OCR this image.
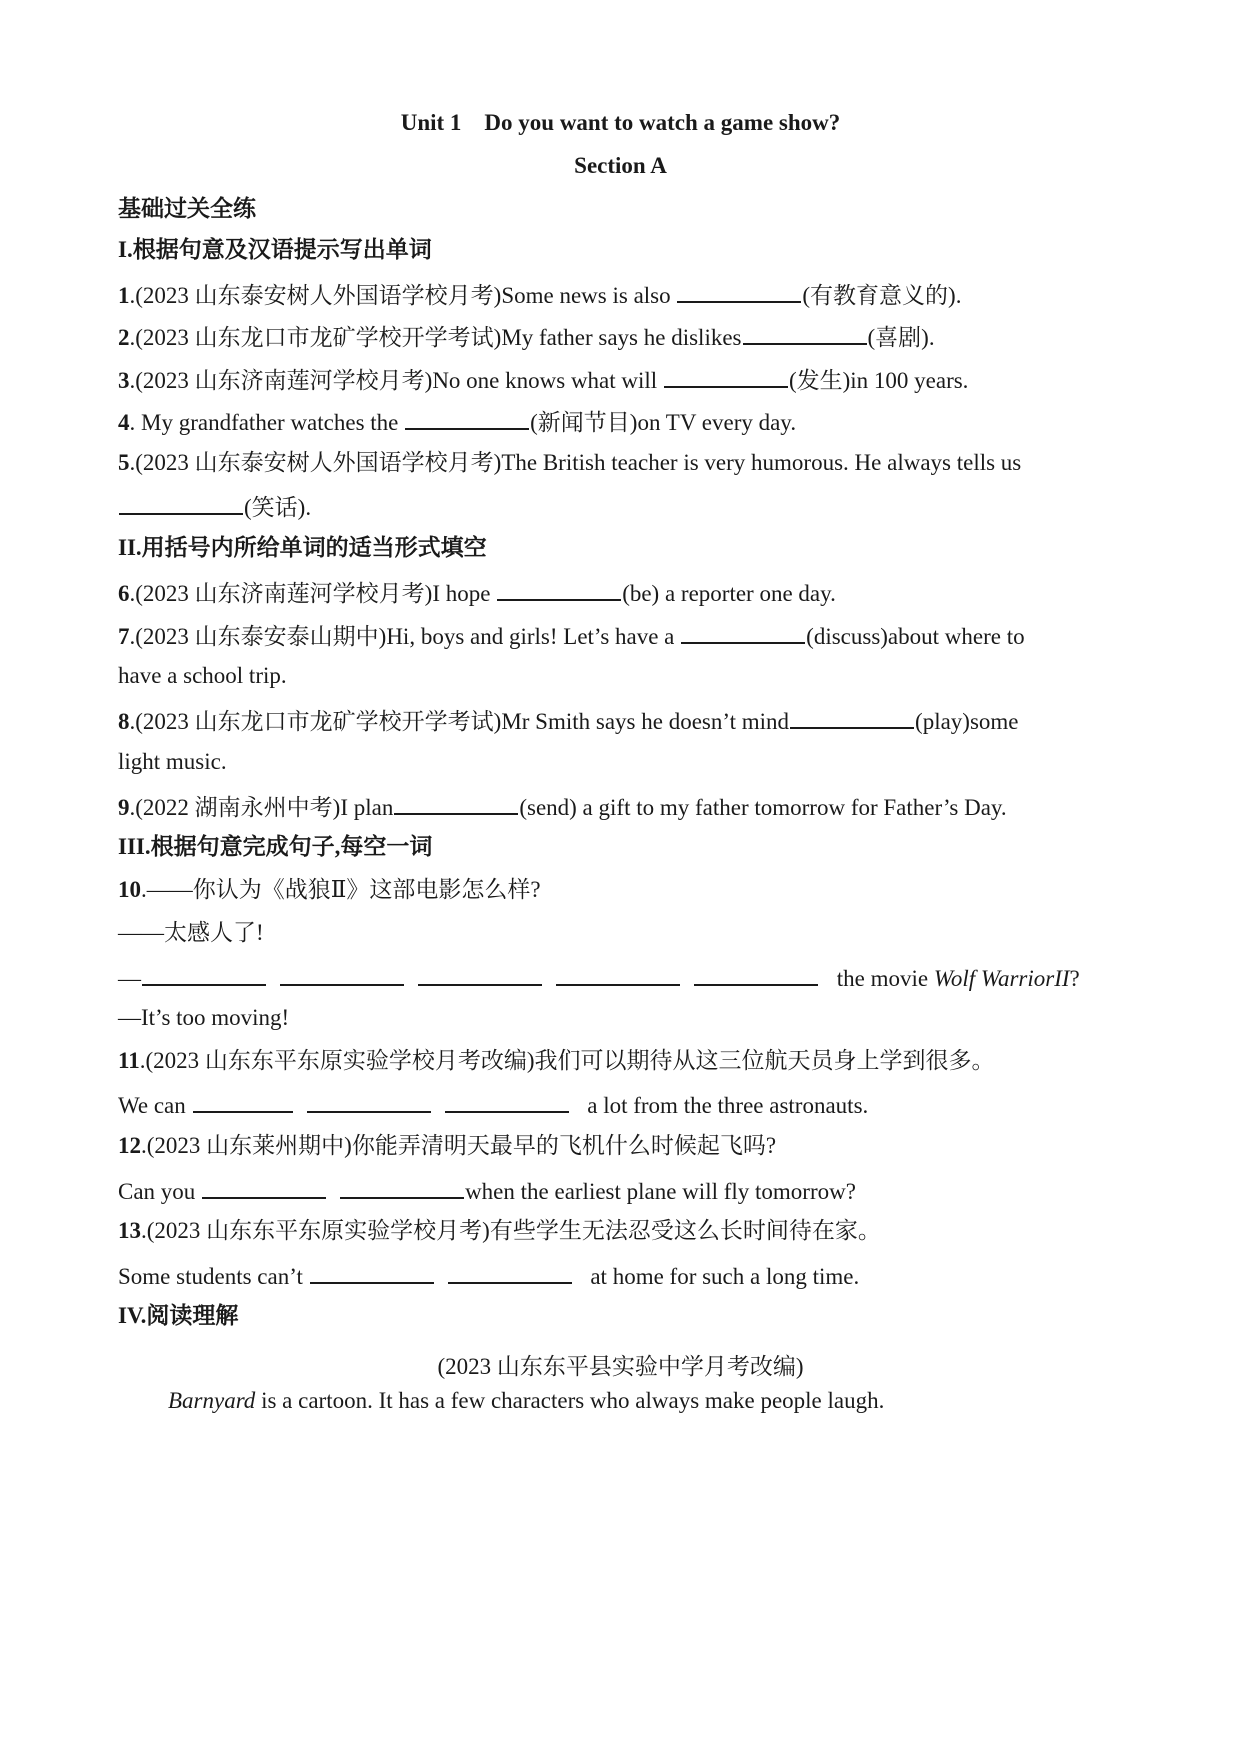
Unit 1    Do you want to watch a game show?
Section A
基础过关全练
I.根据句意及汉语提示写出单词
1.(2023 山东泰安树人外国语学校月考)Some news is also	(有教育意义的).
2.(2023 山东龙口市龙矿学校开学考试)My father says he dislikes	(喜剧).
3.(2023 山东济南莲河学校月考)No one knows what will	(发生)in 100 years.
4. My grandfather watches the	(新闻节目)on TV every day.
5.(2023 山东泰安树人外国语学校月考)The British teacher is very humorous. He always tells us
(笑话).
II.用括号内所给单词的适当形式填空
6.(2023 山东济南莲河学校月考)I hope	(be) a reporter one day.
7.(2023 山东泰安泰山期中)Hi, boys and girls! Let’s have a	(discuss)about where to
have a school trip.
8.(2023 山东龙口市龙矿学校开学考试)Mr Smith says he doesn’t mind	(play)some
light music.
9.(2022 湖南永州中考)I plan	(send) a gift to my father tomorrow for Father’s Day.
III.根据句意完成句子,每空一词
10.——你认为《战狼Ⅱ》这部电影怎么样?
——太感人了!
—	the movie Wolf WarriorII?
—It’s too moving!
11.(2023 山东东平东原实验学校月考改编)我们可以期待从这三位航天员身上学到很多。
We can	a lot from the three astronauts.
12.(2023 山东莱州期中)你能弄清明天最早的飞机什么时候起飞吗?
Can you	when the earliest plane will fly tomorrow?
13.(2023 山东东平东原实验学校月考)有些学生无法忍受这么长时间待在家。
Some students can’t	at home for such a long time.
IV.阅读理解
(2023 山东东平县实验中学月考改编)
Barnyard is a cartoon. It has a few characters who always make people laugh.
